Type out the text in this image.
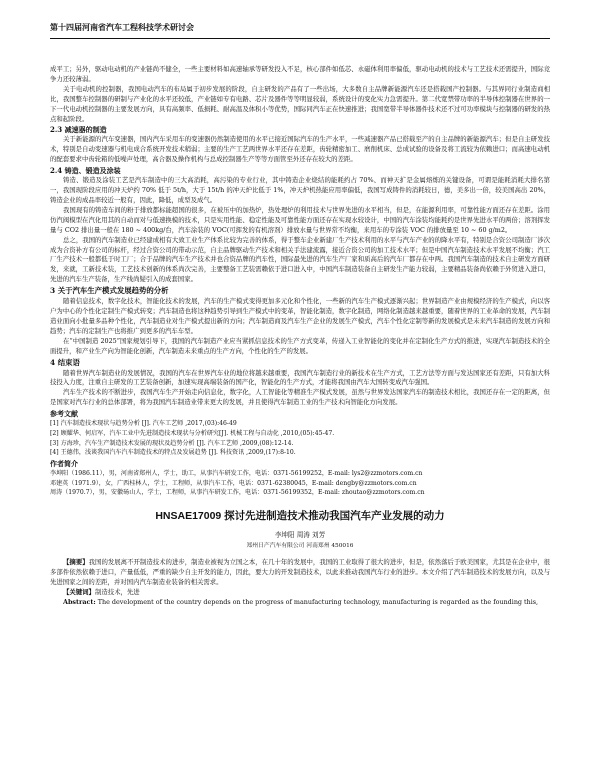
第十四届河南省汽车工程科技学术研讨会

成平工；另外，驱动电动机的产业链尚不健全，一些主要材料如高速轴承等研发投入不足，核心部件如低芯、永磁体利用率偏低，驱动电动机的技术与工艺技术还需提升，国际竞争力还较薄弱。

关于电动机的控制器，我国电动汽车的布局属于初步发展的阶段，自主研发的产品有了一些出场，大多数自主品牌新能源汽车还是搭载国产控制器。与其界同行业制造商相比，我国整车控制器的研制与产业化的水平还较低，产业链如专有电路、芯片及器件等等明显较弱，系统设计的变化实力急需提升。第二代宽禁带功率的半导体控制器在世界的一下一代电动机控制器的主要发展方向，具有高频率、低损耗、耐高温及体积小等优势，国际同汽车正在快速推进；我国宽带半导体器件技术还不过可功率模块与控制器的研发的热点和起阶段。

2.3 减速器的制造

关于新能源的汽车变速器，国内汽车采用车的变速器仍然制造使用的水平已接近国际汽车的生产水平，一些减速器产品已搭载至产的自主品牌的新能源汽车；但是自主研发技术，特别是自动变速器与机电成合系统开发技术稍弱；主要的生产工艺两世界水平还存在差距，齿轮精密加工、磨削机床、总成试验的设备及将工流较为依赖进口；而高速电动机的配套要求中齿轮箱的低噪声处理，高合器及操作机构与总成控制器生产等等方面管至外还存在较大的差距。

2.4 铸造、锻造及涂装

铸造、锻造及涂装工艺是汽车制造中的三大高消耗，高污染的专业行业，其中铸造企业烧结的能耗约占 70%、而神天扩是金属熔炼的关键设备，可谓是能耗消耗大排名第一，我国现阶段应用的冲天炉约 70% 低于 5t/h，大于 15t/h 的冲天炉比低于 1%，冲天炉机热能应用率偏低，我国写成铸件的消耗较日，德，美多出一倍，较美国高出 20%，铸造企业的成品率较近一般有，因此，降低，成型及成气。

我国现有的铸造车间的粉于排放都标能超国的很多，在被压中的加热炉，热处理炉的利用技术与世界先进的水平相当，但是，在能源利用率，可靠性能方面还存在差距。涂用仿汽阀模型在汽化用其的自动而对与低速换模的技术，只是实用性能、稳定性能及可靠性能方面还存在实现水较设计，中国的汽车涂装均能耗约是世界先进水平的两倍；溶剂挥发量与 CO2 排出量一般在 180 ~ 400kg/台，汽车涂装的 VOC(可挥发的有机溶剂）排放水量与世界常不均衡，来用车的专涂装 VOC 的排放量至 10 ~ 60 g/m2。

总之，我国的汽车制造业已经建成相有大致工业生产体系比较为完善的体系，得于整车企业新建厂生产技术利用的水平与汽车产业的的降水平有，特别是合资公司制造厂涉次成为合资补方有公司的标杆，经过合资公司的带动示范，自主品牌驱动生产技术和相关手法建流露，接近合资公司的加工技术水平；但是中国汽车制造技术水平发展不均衡；汽工厂生产技术一般都低于时工厂；合于品牌的汽车生产技术并也合资品牌的汽车性，国际最先进的汽车生产厂家和质高后的汽车厂都存在中两。我国汽车制造的技术自主研发方面研发，来就，工新技术装，工艺技术创新的体系尚次完善，主要整备工艺装需赖依于进口进入中，中国汽车制造装备自主研发生产能力较弱，主要精品装备尚依赖于外贸进入进口，先进的汽车生产装备，生产线尚疑引入的成套国家。

3 关于汽车生产模式发展趋势的分析

随着信息技术，数字化技术，智能化技术的发展，汽车的生产模式变得更加多元化和个性化，一些新的汽车生产模式逐渐兴起；世界制造产业由规模经济的生产模式，向以客户为中心的个性化定制生产模式转变；汽车制造也将这种趋势引导到生产模式中的变革，智能化制造，数字化制造，网络化制造越来越重要，随着世界的工业革命的发展，汽车制造业面向小批量多品种个性化，汽车制造业对生产模式提出新的方向；汽车制造商及汽车生产企业的发展生产模式，汽车个性化定制等新的发展模式是未来汽车制造的发展方向和趋势；汽车的定制生产也将推广到更多的汽车车型。

在“中国制造 2025”国家规划引导下，我国的汽车制造产业应当紧抓信息技术的生产方式变革，传递入工业智能化的变化并在定制化生产方式的推进，实现汽车制造技术的全面提升，和产业生产向为智能化创新，汽车制造未来重点的生产方向，个性化的生产的发展。

4 结束语

随着世界汽车制造业的发展情况，我国的汽车在世界汽车业的地位将越来越重要，我国汽车制造行业的新技术在生产方式，工艺方法等方面与发达国家还有差距，只有加大科技投入力度，注重自主研发的工艺装备创新，加速实现高端装备的国产化，智能化的生产方式，才能将我国由汽车大国转变成汽车强国。

汽车生产技术的不断进步，我国汽车生产开始走向信息化，数字化，人工智能化等精准生产模式发展，虽然与世界发达国家汽车的制造技术相比，我国还存在一定的距离，但是国家对汽车行业的总体部署，将为我国汽车制造业带来更大的发展，并且使得汽车制造工业的生产技术向智能化方向发展。

参考文献
[1] 汽车制造技术现状与趋势分析 [J]. 汽车工艺师 ,2017,(03):46-49
[2] 顾耀华、何启军，汽车工业中先进制造技术现状与分析研究[J]. 机械工程与自动化 ,2010,(05):45-47.
[3] 方海珍，汽车生产制造技术发展的现状及趋势分析 [J]. 汽车工艺师 ,2009,(08):12-14.
[4] 王德伟，浅谈我国汽车汽车制造技术的特点及发展趋势 [J]. 科技资讯 ,2009,(17):8-10.
作者简介
李坤阳（1986.11），男，河南省郑州人，学士，助工，从事汽车研发工作，电话：0371-56199252，E-mail: lys2@zzmotors.com.cn
邓建英（1971.9），女，广西桂林人，学士，工程师，从事汽车工作，电话：0371-62380045，E-mail: dengby@zzmotors.com.cn
周涛（1970.7），男，安徽砀山人，学士，工程师，从事汽车研发工作，电话：0371-56199352，E-mail: zhoutao@zzmotors.com.cn
HNSAE17009 探讨先进制造技术推动我国汽车产业发展的动力
李坤阳 周涛 刘芳
郑州日产汽车有限公司 河南郑州 450016

【摘要】我国的发展离不开制造技术的进步，制造业被视为立国之本，在几十年的发展中，我国的工业取得了很大的进步，但是，依然落后于欧美国家，尤其是在企业中，很多部件依然依赖于进口，产量低低，严重的缺少自主开发的能力，因此，要大力的开发制造技术，以此来推动我国汽车行业的进步。本文介绍了汽车制造技术的发展方向，以及与先进国家之间的差距，并对国内汽车制造业装备的相关需求。

【关键词】制造技术，先进

Abstract: The development of the country depends on the progress of manufacturing technology, manufacturing is regarded as the founding this,
